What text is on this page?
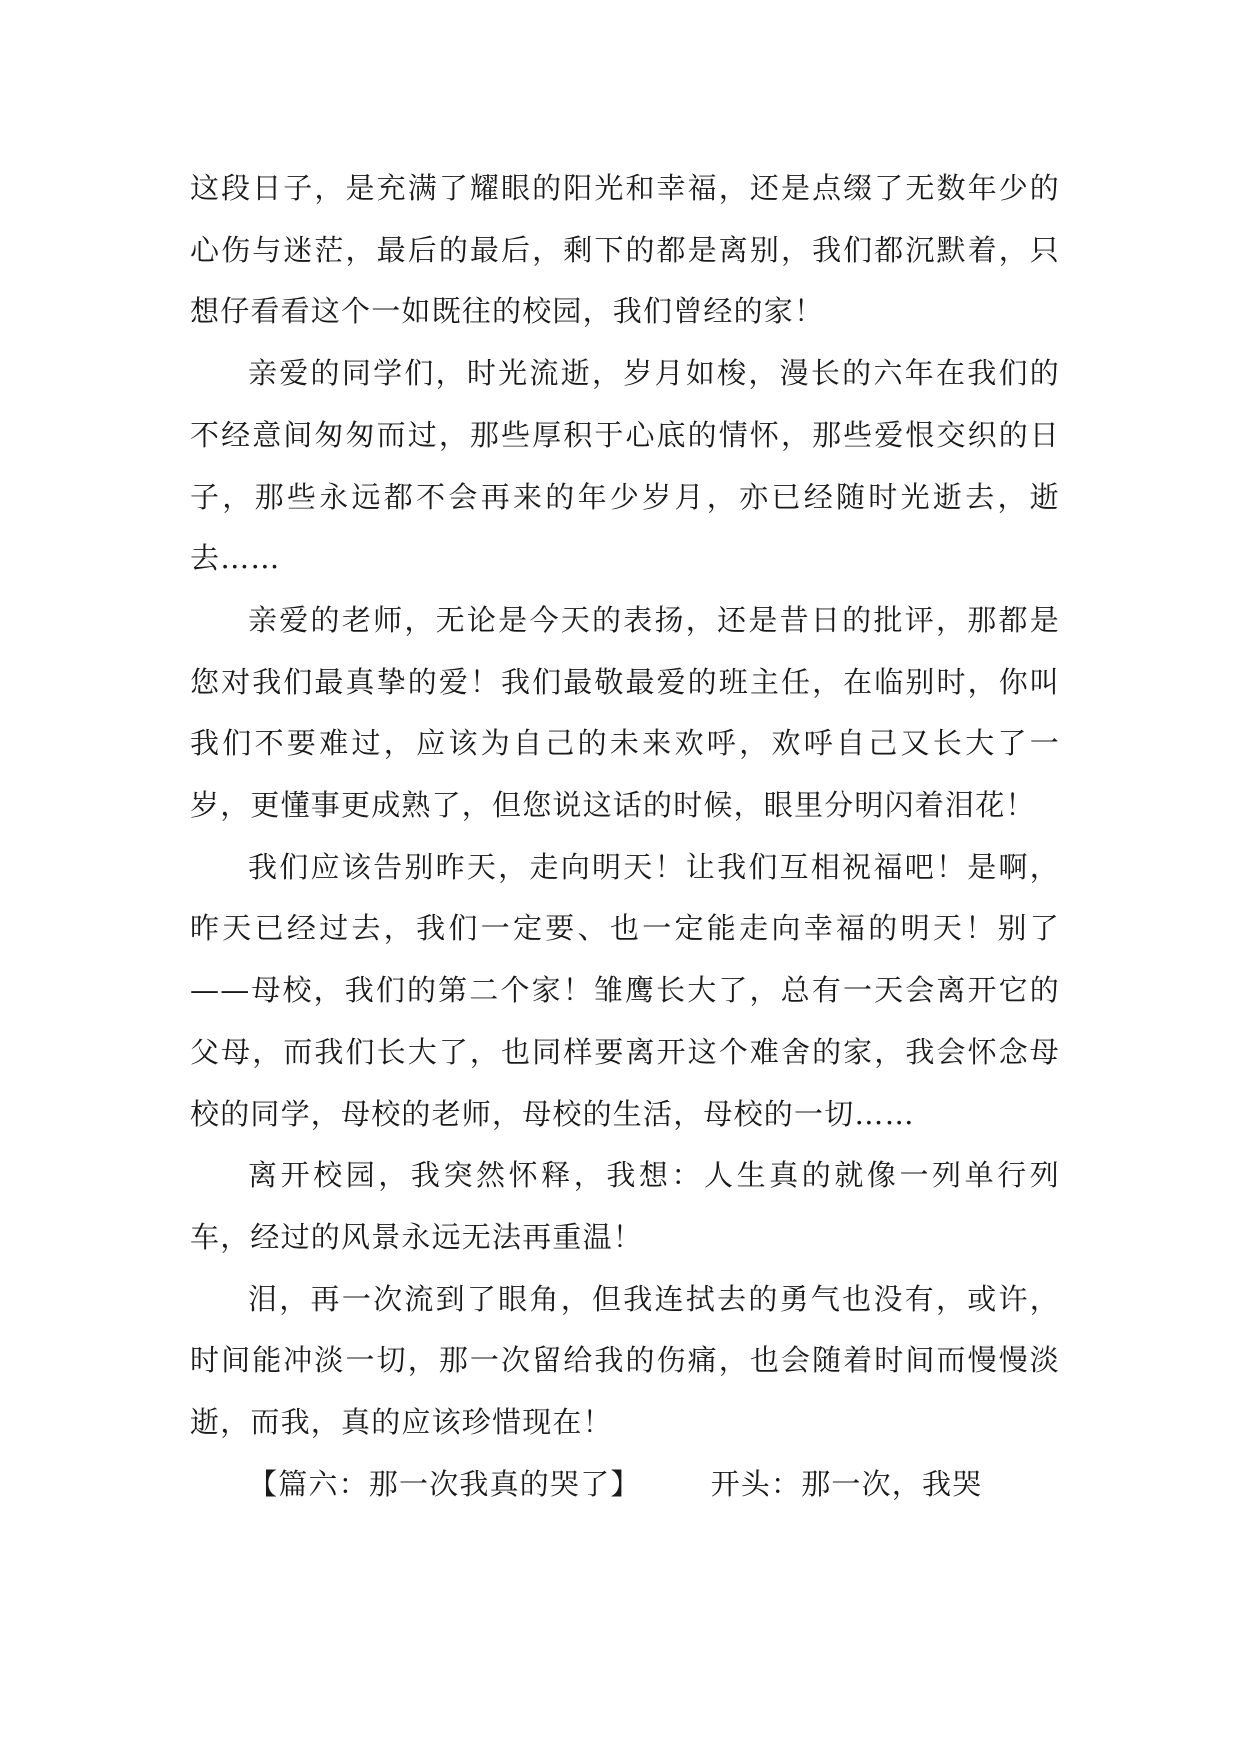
这段日子，是充满了耀眼的阳光和幸福，还是点缀了无数年少的心伤与迷茫，最后的最后，剩下的都是离别，我们都沉默着，只想仔看看这个一如既往的校园，我们曾经的家！

亲爱的同学们，时光流逝，岁月如梭，漫长的六年在我们的不经意间匆匆而过，那些厚积于心底的情怀，那些爱恨交织的日子，那些永远都不会再来的年少岁月，亦已经随时光逝去，逝去……

亲爱的老师，无论是今天的表扬，还是昔日的批评，那都是您对我们最真挚的爱！我们最敬最爱的班主任，在临别时，你叫我们不要难过，应该为自己的未来欢呼，欢呼自己又长大了一岁，更懂事更成熟了，但您说这话的时候，眼里分明闪着泪花！

我们应该告别昨天，走向明天！让我们互相祝福吧！是啊，昨天已经过去，我们一定要、也一定能走向幸福的明天！别了——母校，我们的第二个家！雏鹰长大了，总有一天会离开它的父母，而我们长大了，也同样要离开这个难舍的家，我会怀念母校的同学，母校的老师，母校的生活，母校的一切……

离开校园，我突然怀释，我想：人生真的就像一列单行列车，经过的风景永远无法再重温！

泪，再一次流到了眼角，但我连拭去的勇气也没有，或许，时间能冲淡一切，那一次留给我的伤痛，也会随着时间而慢慢淡逝，而我，真的应该珍惜现在！

【篇六：那一次我真的哭了】 开头：那一次，我哭
